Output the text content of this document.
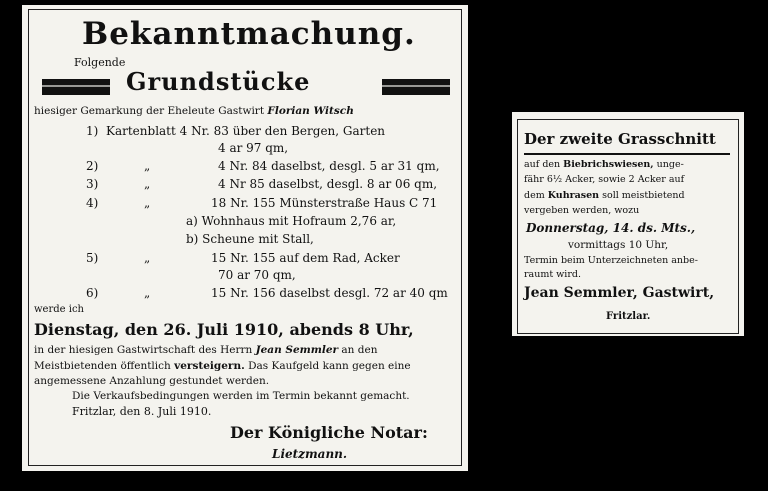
Bekanntmachung.
Folgende
Grundstücke
hiesiger Gemarkung der Eheleute Gastwirt Florian Witsch
1) Kartenblatt 4 Nr. 83 über den Bergen, Garten
4 ar 97 qm,
2)	„	4 Nr. 84 daselbst, desgl. 5 ar 31 qm,
3)	„	4 Nr 85 daselbst, desgl. 8 ar 06 qm,
4)	„	18 Nr. 155 Münsterstraße Haus C 71
a) Wohnhaus mit Hofraum 2,76 ar,
b) Scheune mit Stall,
5)	„	15 Nr. 155 auf dem Rad, Acker
70 ar 70 qm,
6)	„	15 Nr. 156 daselbst desgl. 72 ar 40 qm
werde ich
Dienstag, den 26. Juli 1910, abends 8 Uhr,
in der hiesigen Gastwirtschaft des Herrn Jean Semmler an den
Meistbietenden öffentlich versteigern. Das Kaufgeld kann gegen eine
angemessene Anzahlung gestundet werden.
Die Verkaufsbedingungen werden im Termin bekannt gemacht.
Fritzlar, den 8. Juli 1910.
Der Königliche Notar:
Lietzmann.
Der zweite Grasschnitt
auf den Biebrichswiesen, unge-
fähr 6½ Acker, sowie 2 Acker auf
dem Kuhrasen soll meistbietend
vergeben werden, wozu
Donnerstag, 14. ds. Mts.,
vormittags 10 Uhr,
Termin beim Unterzeichneten anbe-
raumt wird.
Jean Semmler, Gastwirt,
Fritzlar.
